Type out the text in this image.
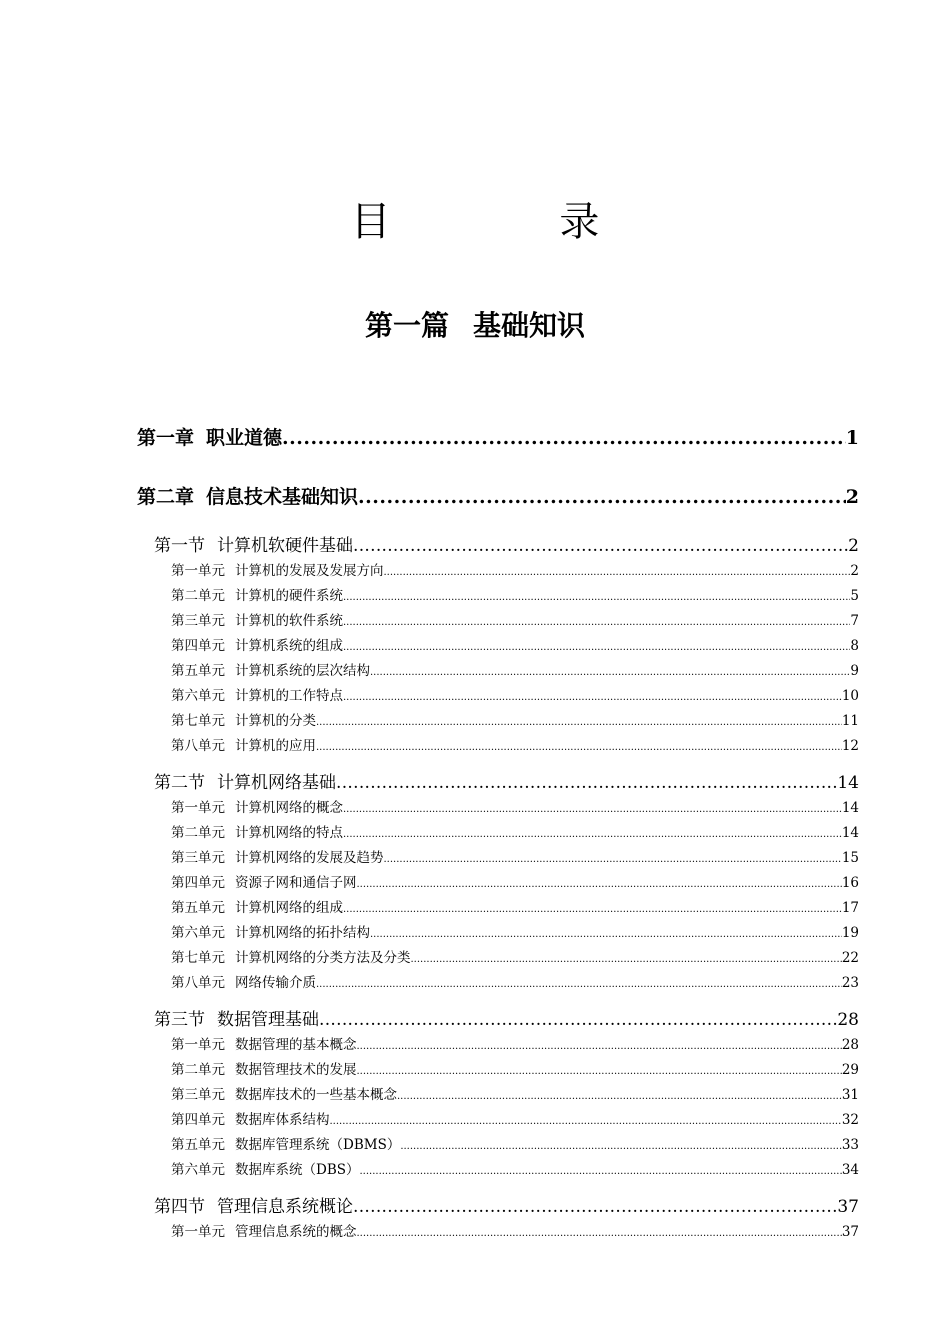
目 录
第一篇 基础知识
第一章 职业道德 .....	1
第二章 信息技术基础知识 .....	2
第一节 计算机软硬件基础 .....	2
第一单元 计算机的发展及发展方向 .....	2
第二单元 计算机的硬件系统 .....	5
第三单元 计算机的软件系统 .....	7
第四单元 计算机系统的组成 .....	8
第五单元 计算机系统的层次结构 .....	9
第六单元 计算机的工作特点 .....	10
第七单元 计算机的分类 .....	11
第八单元 计算机的应用 .....	12
第二节 计算机网络基础 .....	14
第一单元 计算机网络的概念 .....	14
第二单元 计算机网络的特点 .....	14
第三单元 计算机网络的发展及趋势 .....	15
第四单元 资源子网和通信子网 .....	16
第五单元 计算机网络的组成 .....	17
第六单元 计算机网络的拓扑结构 .....	19
第七单元 计算机网络的分类方法及分类 .....	22
第八单元 网络传输介质 .....	23
第三节 数据管理基础 .....	28
第一单元 数据管理的基本概念 .....	28
第二单元 数据管理技术的发展 .....	29
第三单元 数据库技术的一些基本概念 .....	31
第四单元 数据库体系结构 .....	32
第五单元 数据库管理系统（DBMS） .....	33
第六单元 数据库系统（DBS） .....	34
第四节 管理信息系统概论 .....	37
第一单元 管理信息系统的概念 .....	37
